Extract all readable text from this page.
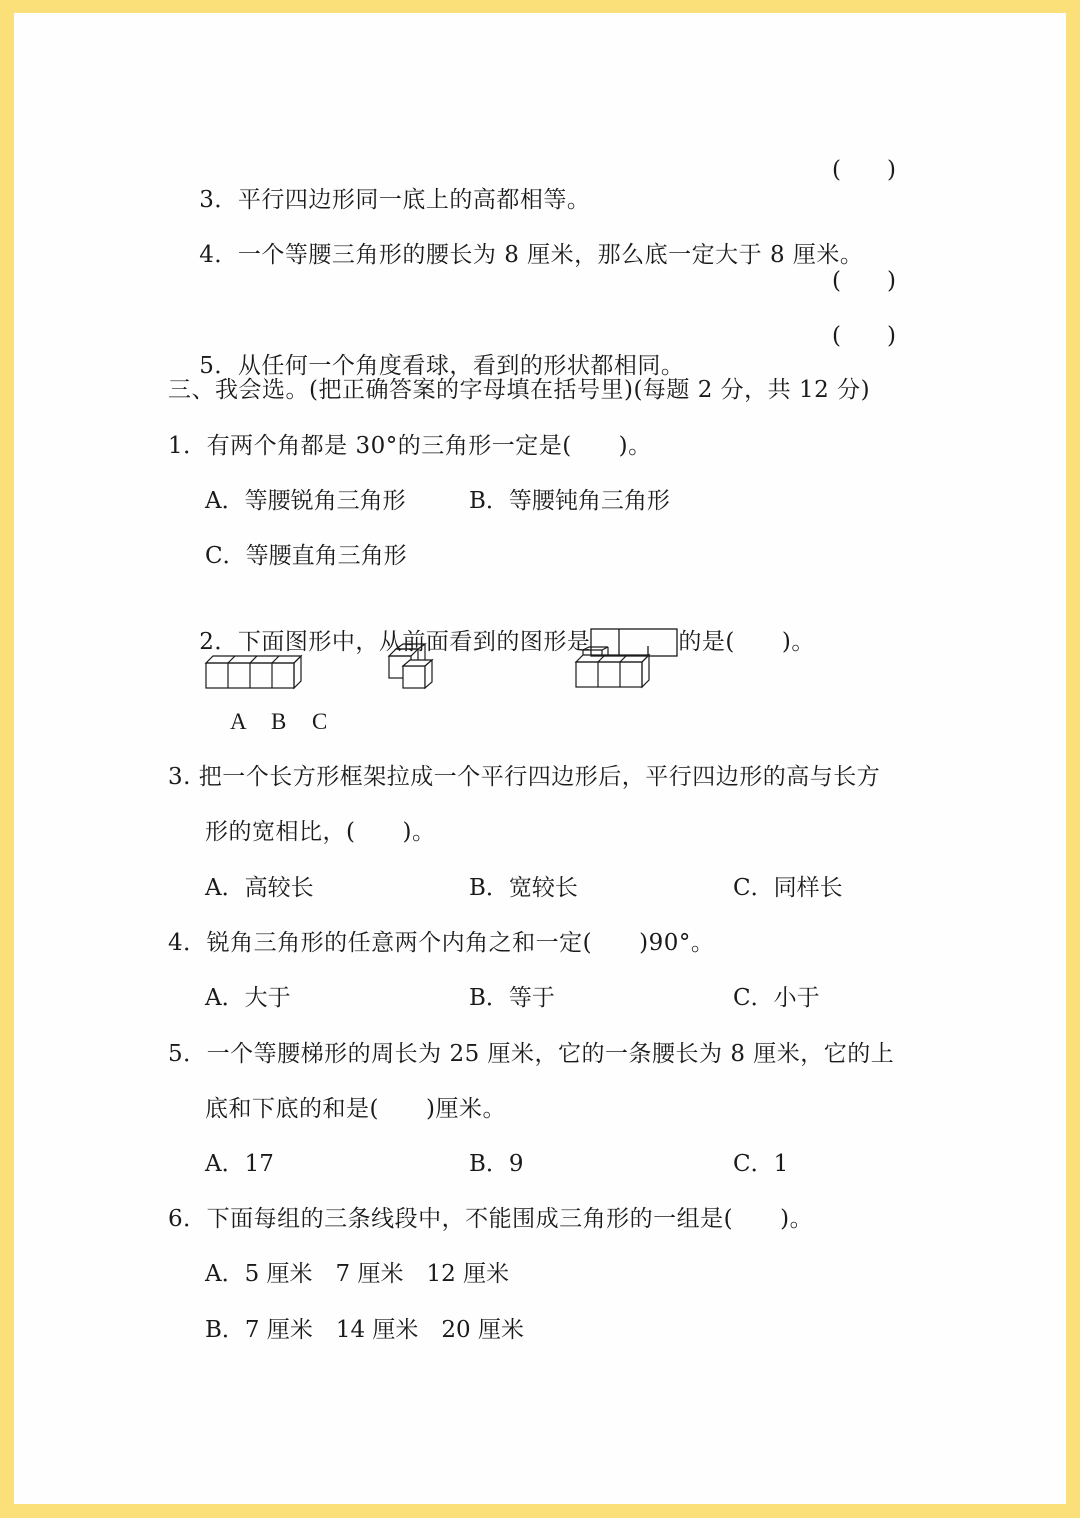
3．平行四边形同一底上的高都相等。

(　　)

4．一个等腰三角形的腰长为 8 厘米，那么底一定大于 8 厘米。

(　　)

5．从任何一个角度看球，看到的形状都相同。

(　　)
三、我会选。(把正确答案的字母填在括号里)(每题 2 分，共 12 分)
1．有两个角都是 30°的三角形一定是(　　)。
A．等腰锐角三角形	B．等腰钝角三角形
C．等腰直角三角形

2．下面图形中，从前面看到的图形是	的是(　　)。

A B C
3. 把一个长方形框架拉成一个平行四边形后，平行四边形的高与长方
形的宽相比，(　　)。
A．高较长	B．宽较长	C．同样长
4．锐角三角形的任意两个内角之和一定(　　)90°。
A．大于	B．等于	C．小于
5．一个等腰梯形的周长为 25 厘米，它的一条腰长为 8 厘米，它的上
底和下底的和是(　　)厘米。
A．17	B．9	C．1
6．下面每组的三条线段中，不能围成三角形的一组是(　　)。
A．5 厘米　7 厘米　12 厘米
B．7 厘米　14 厘米　20 厘米
